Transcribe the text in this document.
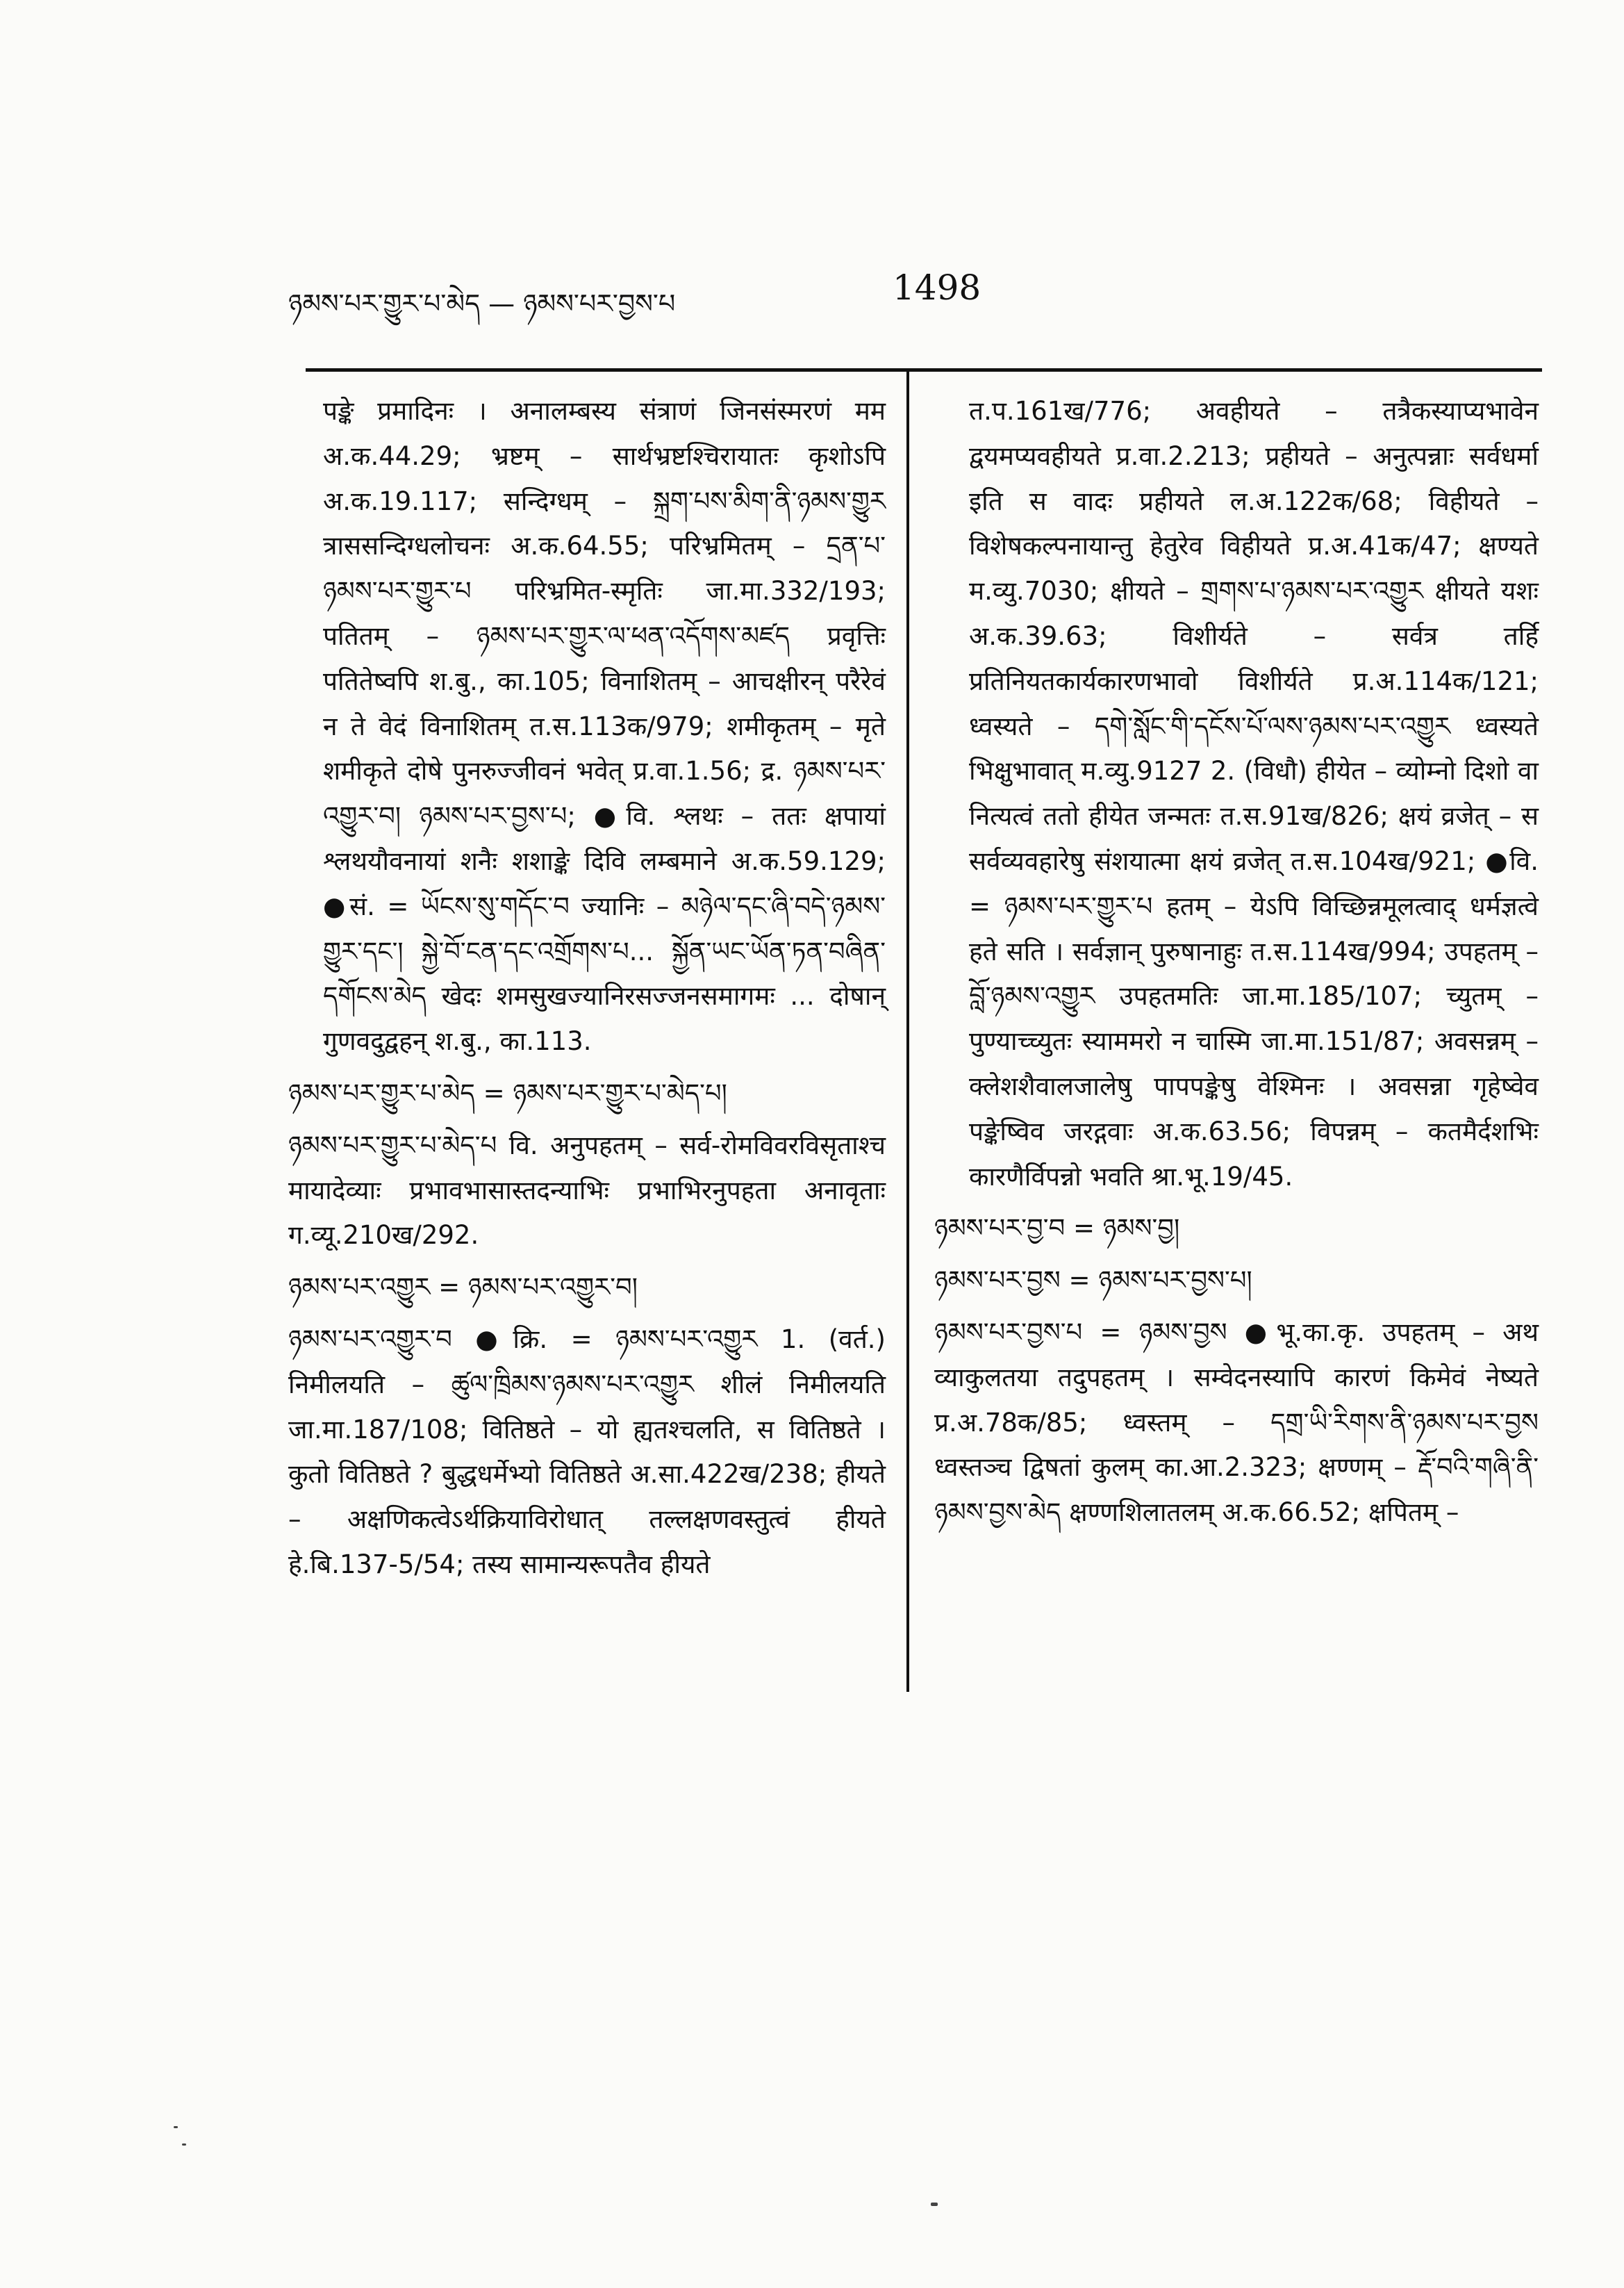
ཉམས་པར་གྱུར་པ་མེད — ཉམས་པར་བྱས་པ	1498

पङ्के प्रमादिनः । अनालम्बस्य संत्राणं जिनसंस्मरणं मम अ.क.44.29; भ्रष्टम् – सार्थभ्रष्टश्चिरायातः कृशोऽपि अ.क.19.117; सन्दिग्धम् – སྐྲག་པས་མིག་ནི་ཉམས་གྱུར त्राससन्दिग्धलोचनः अ.क.64.55; परिभ्रमितम् – དྲན་པ་ཉམས་པར་གྱུར་པ परिभ्रमित-स्मृतिः जा.मा.332/193; पतितम् – ཉམས་པར་གྱུར་ལ་ཕན་འདོགས་མཛད प्रवृत्तिः पतितेष्वपि श.बु., का.105; विनाशितम् – आचक्षीरन् परैरेवं न ते वेदं विनाशितम् त.स.113क/979; शमीकृतम् – मृते शमीकृते दोषे पुनरुज्जीवनं भवेत् प्र.वा.1.56; द्र. ཉམས་པར་འགྱུར་བ། ཉམས་པར་བྱས་པ; ●वि. श्लथः – ततः क्षपायां श्लथयौवनायां शनैः शशाङ्के दिवि लम्बमाने अ.क.59.129; ●सं. = ཡོངས་སུ་གདོང་བ ज्यानिः – མཉེལ་དང་ཞི་བདེ་ཉམས་གྱུར་དང་། སྐྱེ་བོ་ངན་དང་འགྲོགས་པ... སྐྱོན་ཡང་ཡོན་ཏན་བཞིན་དགོངས་མེད खेदः शमसुखज्यानिरसज्जनसमागमः ... दोषान् गुणवदुद्वहन् श.बु., का.113.

ཉམས་པར་གྱུར་པ་མེད = ཉམས་པར་གྱུར་པ་མེད་པ།

ཉམས་པར་གྱུར་པ་མེད་པ वि. अनुपहतम् – सर्व-रोमविवरविसृताश्च मायादेव्याः प्रभावभासास्तदन्याभिः प्रभाभिरनुपहता अनावृताः ग.व्यू.210ख/292.

ཉམས་པར་འགྱུར = ཉམས་པར་འགྱུར་བ།

ཉམས་པར་འགྱུར་བ ●क्रि. = ཉམས་པར་འགྱུར 1. (वर्त.) निमीलयति – ཚུལ་ཁྲིམས་ཉམས་པར་འགྱུར शीलं निमीलयति जा.मा.187/108; वितिष्ठते – यो ह्यतश्चलति, स वितिष्ठते । कुतो वितिष्ठते ? बुद्धधर्मेभ्यो वितिष्ठते अ.सा.422ख/238; हीयते – अक्षणिकत्वेऽर्थक्रियाविरोधात् तल्लक्षणवस्तुत्वं हीयते हे.बि.137-5/54; तस्य सामान्यरूपतैव हीयते

त.प.161ख/776; अवहीयते – तत्रैकस्याप्यभावेन द्वयमप्यवहीयते प्र.वा.2.213; प्रहीयते – अनुत्पन्नाः सर्वधर्मा इति स वादः प्रहीयते ल.अ.122क/68; विहीयते – विशेषकल्पनायान्तु हेतुरेव विहीयते प्र.अ.41क/47; क्षण्यते म.व्यु.7030; क्षीयते – གྲགས་པ་ཉམས་པར་འགྱུར क्षीयते यशः अ.क.39.63; विशीर्यते – सर्वत्र तर्हि प्रतिनियतकार्यकारणभावो विशीर्यते प्र.अ.114क/121; ध्वस्यते – དགེ་སློང་གི་དངོས་པོ་ལས་ཉམས་པར་འགྱུར ध्वस्यते भिक्षुभावात् म.व्यु.9127 2. (विधौ) हीयेत – व्योम्नो दिशो वा नित्यत्वं ततो हीयेत जन्मतः त.स.91ख/826; क्षयं व्रजेत् – स सर्वव्यवहारेषु संशयात्मा क्षयं व्रजेत् त.स.104ख/921; ●वि. = ཉམས་པར་གྱུར་པ हतम् – येऽपि विच्छिन्नमूलत्वाद् धर्मज्ञत्वे हते सति । सर्वज्ञान् पुरुषानाहुः त.स.114ख/994; उपहतम् – བློ་ཉམས་འགྱུར उपहतमतिः जा.मा.185/107; च्युतम् – पुण्याच्च्युतः स्याममरो न चास्मि जा.मा.151/87; अवसन्नम् – क्लेशशैवालजालेषु पापपङ्केषु वेश्मिनः । अवसन्ना गृहेष्वेव पङ्केष्विव जरद्गवाः अ.क.63.56; विपन्नम् – कतमैर्दशभिः कारणैर्विपन्नो भवति श्रा.भू.19/45.

ཉམས་པར་བྱ་བ = ཉམས་བྱ།

ཉམས་པར་བྱས = ཉམས་པར་བྱས་པ།

ཉམས་པར་བྱས་པ = ཉམས་བྱས ●भू.का.कृ. उपहतम् – अथ व्याकुलतया तदुपहतम् । सम्वेदनस्यापि कारणं किमेवं नेष्यते प्र.अ.78क/85; ध्वस्तम् – དགྲ་ཡི་རིགས་ནི་ཉམས་པར་བྱས ध्वस्तञ्च द्विषतां कुलम् का.आ.2.323; क्षण्णम् – རྡོ་བའི་གཞི་ནི་ཉམས་བྱས་མེད क्षण्णशिलातलम् अ.क.66.52; क्षपितम् –
